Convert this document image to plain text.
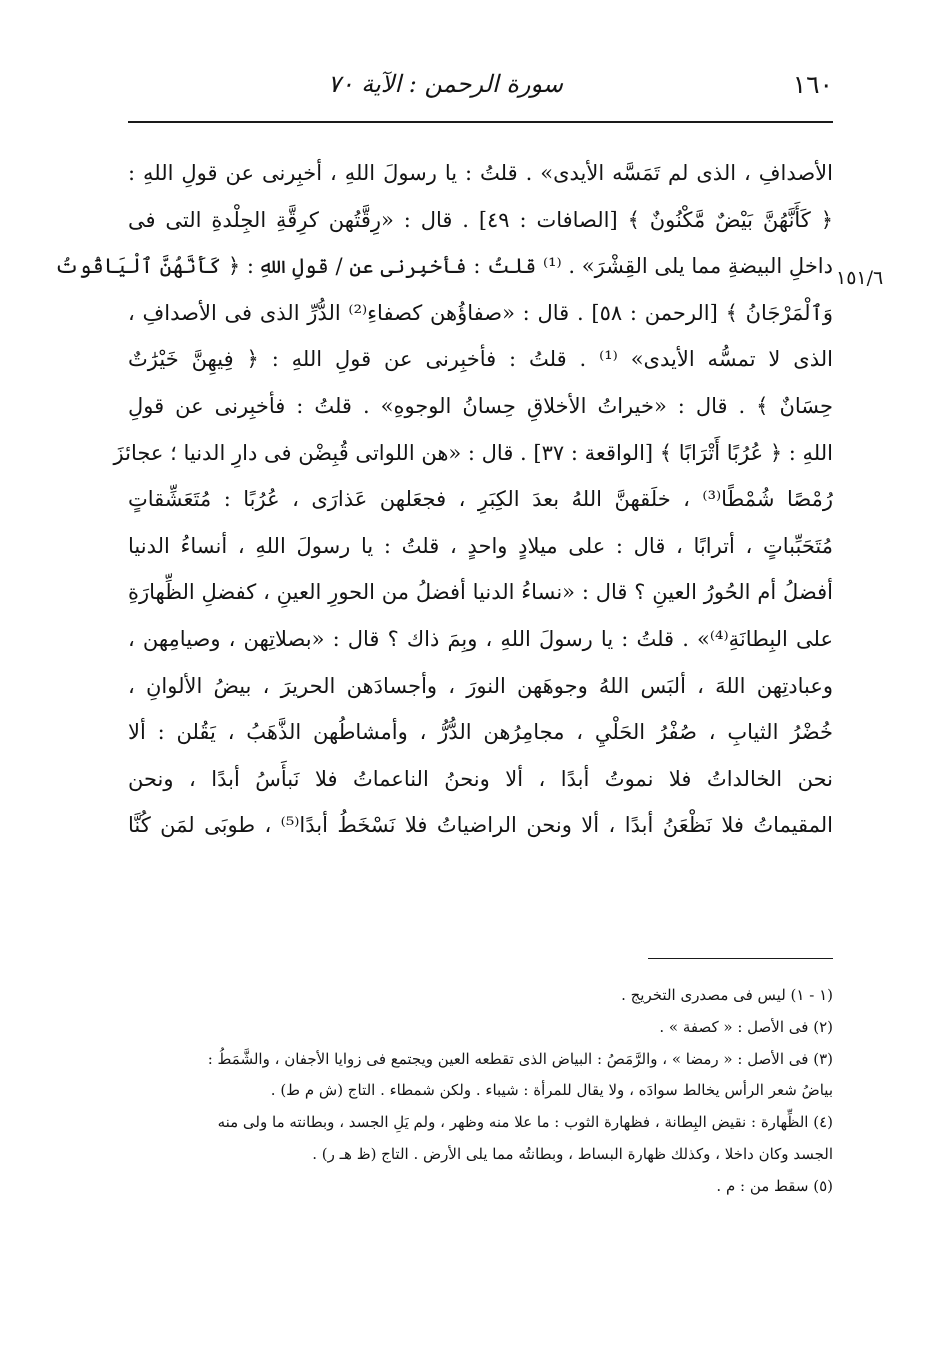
١٦٠
سورة الرحمن : الآية ٧٠
١٥١/٦
الأصدافِ ، الذى لم تَمَسَّه الأيدى» . قلتُ : يا رسولَ اللهِ ، أخبِرنى عن قولِ اللهِ :
﴿ كَأَنَّهُنَّ بَيْضٌ مَّكْنُونٌ ﴾ [الصافات : ٤٩] . قال : «رِقَّتُهن كرِقَّةِ الجِلْدةِ التى فى
داخلِ البيضةِ مما يلى القِشْرَ» . ⁽¹⁾ قلتُ : فأخبِرنى عن / قولِ اللهِ : ﴿ كَأَنَّهُنَّ ٱلْيَاقُوتُ
وَٱلْمَرْجَانُ ﴾ [الرحمن : ٥٨] . قال : «صفاؤُهن كصفاءِ⁽²⁾ الدُّرِّ الذى فى الأصدافِ ،
الذى لا تمسُّه الأيدى» ⁽¹⁾ . قلتُ : فأخبِرنى عن قولِ اللهِ : ﴿ فِيهِنَّ خَيْرَٰتٌ
حِسَانٌ ﴾ . قال : «خيراتُ الأخلاقِ حِسانُ الوجوهِ» . قلتُ : فأخبِرنى عن قولِ
اللهِ : ﴿ عُرُبًا أَتْرَابًا ﴾ [الواقعة : ٣٧] . قال : «هن اللواتى قُبِضْن فى دارِ الدنيا ؛ عجائزَ
رُمْصًا شُمْطًا⁽³⁾ ، خلَقهنَّ اللهُ بعدَ الكِبَرِ ، فجعَلهن عَذارَى ، عُرُبًا : مُتَعَشِّقاتٍ
مُتَحَبِّباتٍ ، أترابًا ، قال : على ميلادٍ واحدٍ ، قلتُ : يا رسولَ اللهِ ، أنساءُ الدنيا
أفضلُ أم الحُورُ العينِ ؟ قال : «نساءُ الدنيا أفضلُ من الحورِ العينِ ، كفضلِ الظِّهارَةِ
على البِطانَةِ⁽⁴⁾» . قلتُ : يا رسولَ اللهِ ، وبِمَ ذاك ؟ قال : «بصلاتِهن ، وصيامِهن ،
وعبادتِهن اللهَ ، ألبَس اللهُ وجوهَهن النورَ ، وأجسادَهن الحريرَ ، بيضُ الألوانِ ،
خُضْرُ الثيابِ ، صُفْرُ الحَلْيِ ، مجامِرُهن الدُّرُّ ، وأمشاطُهن الذَّهَبُ ، يَقُلن : ألا
نحن الخالداتُ فلا نموتُ أبدًا ، ألا ونحنُ الناعماتُ فلا نَبأَسُ أبدًا ، ونحن
المقيماتُ فلا نَظْعَنُ أبدًا ، ألا ونحن الراضياتُ فلا نَسْخَطُ أبدًا⁽⁵⁾ ، طوبَى لمَن كُنَّا
(١ - ١) ليس فى مصدرى التخريج .
(٢) فى الأصل : « كصفة » .
(٣) فى الأصل : « رمضا » ، والرَّمَصُ : البياض الذى تقطعه العين ويجتمع فى زوايا الأجفان ، والشَّمَطُ :
بياضُ شعر الرأس يخالط سوادَه ، ولا يقال للمرأة : شيباء . ولكن شمطاء . التاج (ش م ط) .
(٤) الظِّهارة : نقيض البِطانة ، فظهارة الثوب : ما علا منه وظهر ، ولم يَلِ الجسد ، وبطانته ما ولى منه
الجسد وكان داخلا ، وكذلك ظهارة البساط ، وبطانتُه مما يلى الأرض . التاج (ظ هـ ر) .
(٥) سقط من : م .
